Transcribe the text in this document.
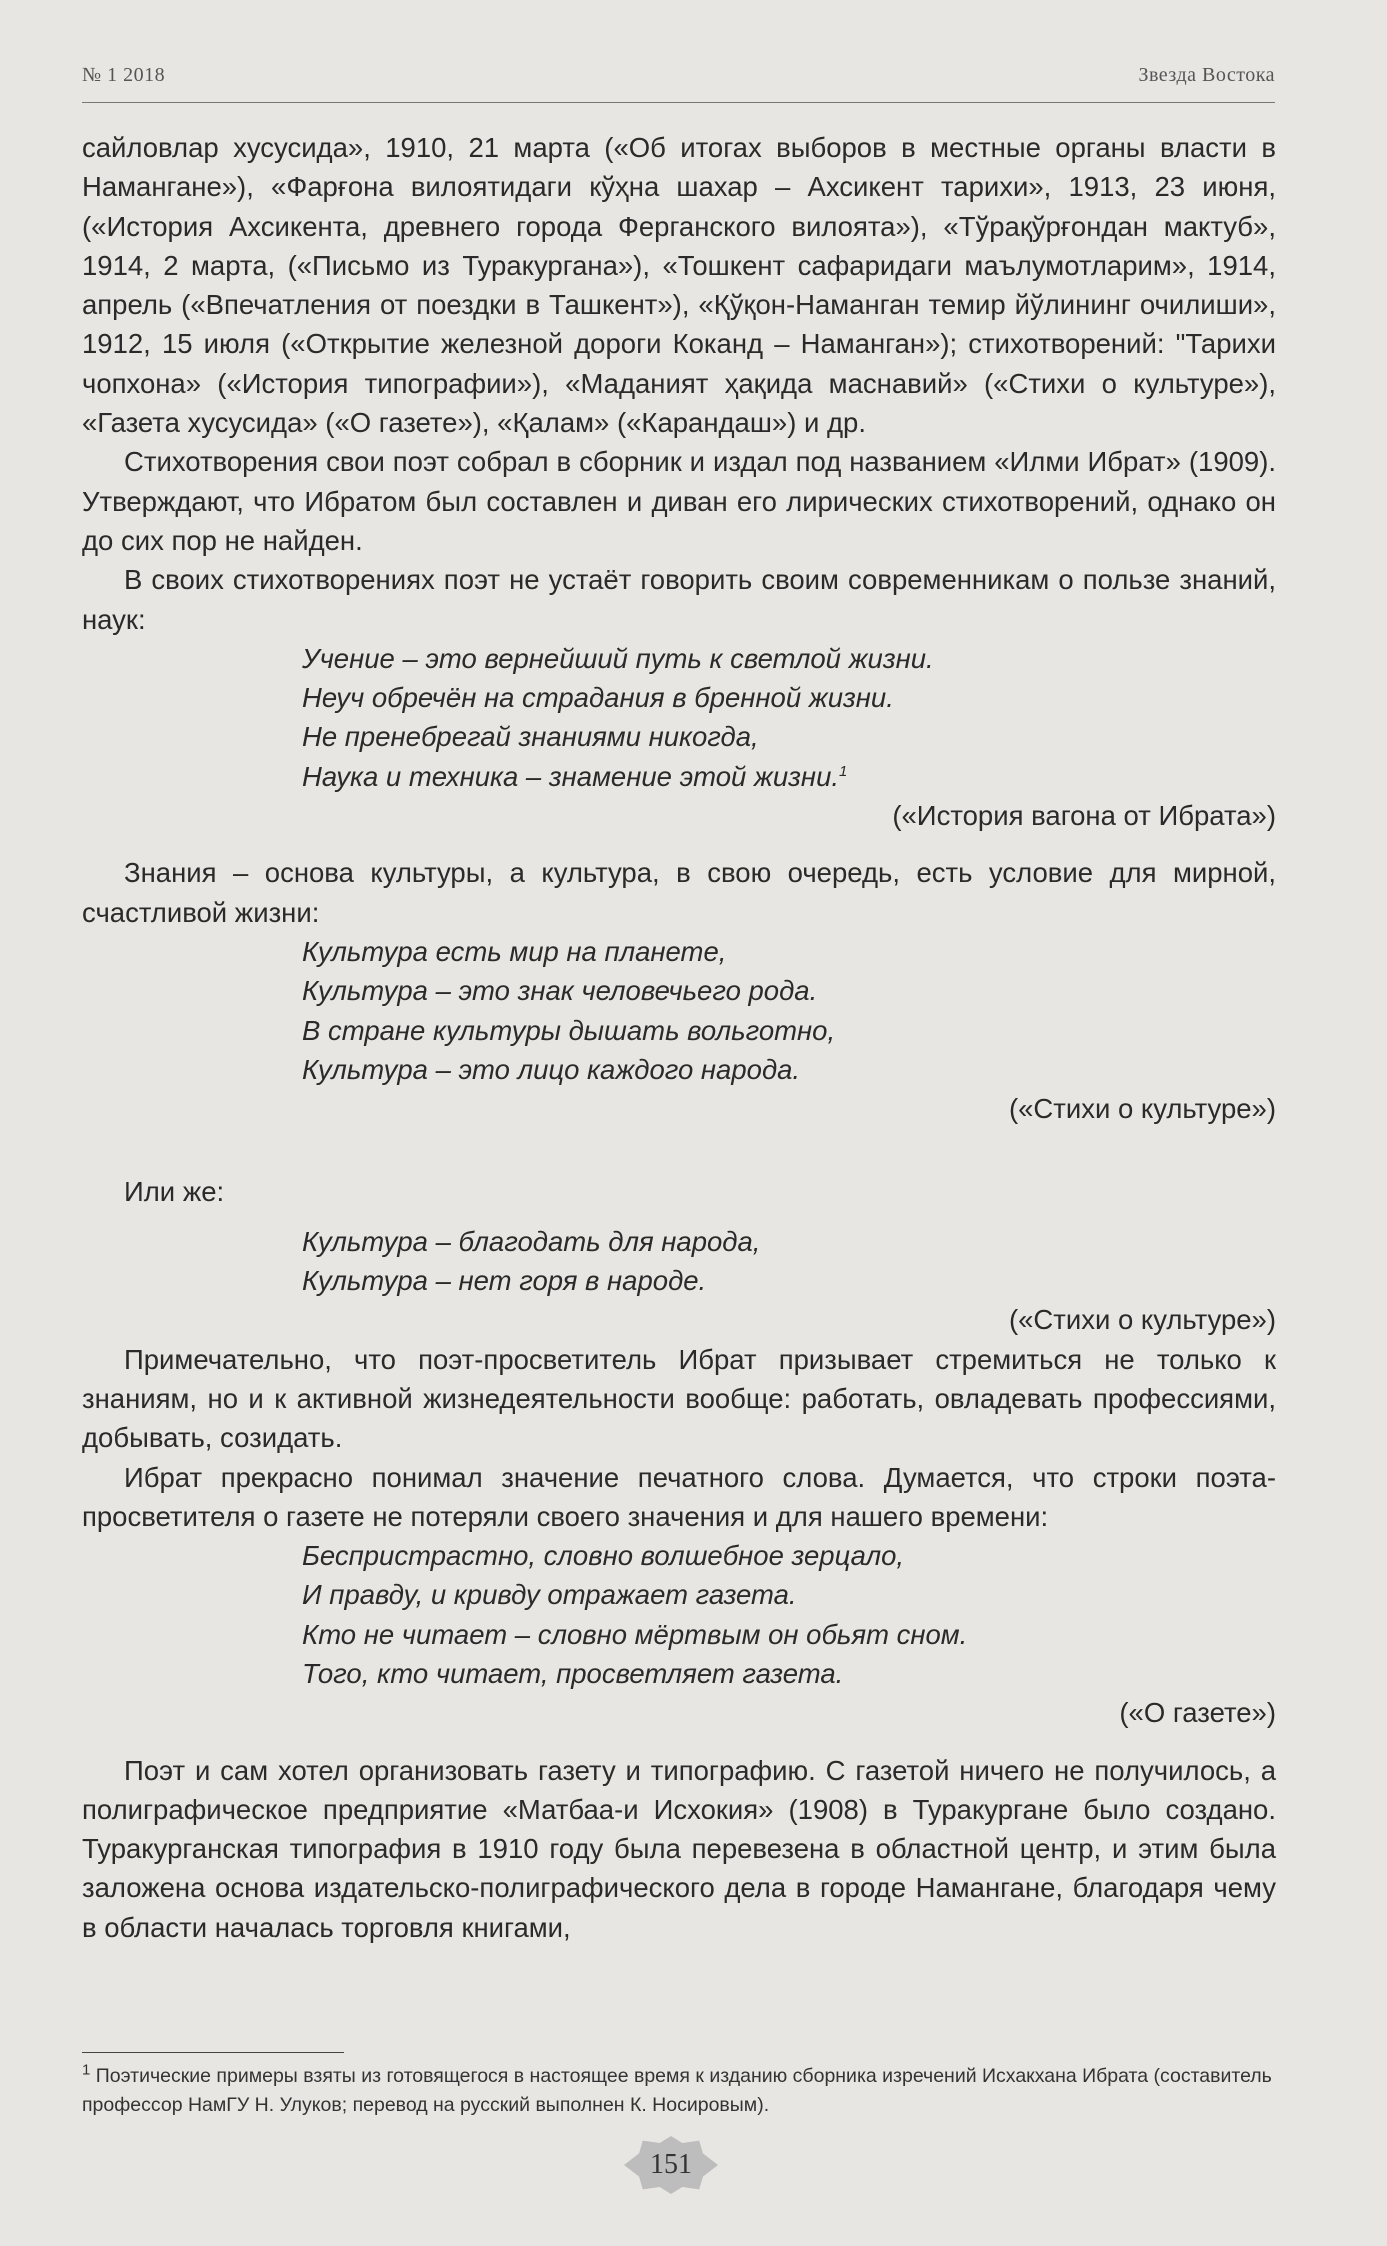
№ 1 2018	Звезда Востока

сайловлар хусусида», 1910, 21 марта («Об итогах выборов в местные органы власти в Намангане»), «Фарғона вилоятидаги кўҳна шахар – Ахсикент тарихи», 1913, 23 июня, («История Ахсикента, древнего города Ферганского вилоята»), «Тўрақўрғондан мактуб», 1914, 2 марта, («Письмо из Туракургана»), «Тошкент сафаридаги маълумотларим», 1914, апрель («Впечатления от поездки в Ташкент»), «Қўқон-Наманган темир йўлининг очилиши», 1912, 15 июля («Открытие железной дороги Коканд – Наманган»); стихотворений: "Тарихи чопхона» («История типографии»), «Маданият ҳақида маснавий» («Стихи о культуре»), «Газета хусусида» («О газете»), «Қалам» («Карандаш») и др.

Стихотворения свои поэт собрал в сборник и издал под названием «Илми Ибрат» (1909). Утверждают, что Ибратом был составлен и диван его лирических стихотворений, однако он до сих пор не найден.

В своих стихотворениях поэт не устаёт говорить своим современникам о пользе знаний, наук:

Учение – это вернейший путь к светлой жизни.
Неуч обречён на страдания в бренной жизни.
Не пренебрегай знаниями никогда,
Наука и техника – знамение этой жизни.$^1$
(«История вагона от Ибрата»)

Знания – основа культуры, а культура, в свою очередь, есть условие для мирной, счастливой жизни:

Культура есть мир на планете,
Культура – это знак человечьего рода.
В стране культуры дышать вольготно,
Культура – это лицо каждого народа.
(«Стихи о культуре»)

Или же:

Культура – благодать для народа,
Культура – нет горя в народе.
(«Стихи о культуре»)

Примечательно, что поэт-просветитель Ибрат призывает стремиться не только к знаниям, но и к активной жизнедеятельности вообще: работать, овладевать профессиями, добывать, созидать.

Ибрат прекрасно понимал значение печатного слова. Думается, что строки поэта-просветителя о газете не потеряли своего значения и для нашего времени:

Беспристрастно, словно волшебное зерцало,
И правду, и кривду отражает газета.
Кто не читает – словно мёртвым он обьят сном.
Того, кто читает, просветляет газета.
(«О газете»)

Поэт и сам хотел организовать газету и типографию. С газетой ничего не получилось, а полиграфическое предприятие «Матбаа-и Исхокия» (1908) в Туракургане было создано. Туракурганская типография в 1910 году была перевезена в областной центр, и этим была заложена основа издательско-полиграфического дела в городе Намангане, благодаря чему в области началась торговля книгами,

$^1$ Поэтические примеры взяты из готовящегося в настоящее время к изданию сборника изречений Исхакхана Ибрата (составитель профессор НамГУ Н. Улуков; перевод на русский выполнен К. Носировым).
151
